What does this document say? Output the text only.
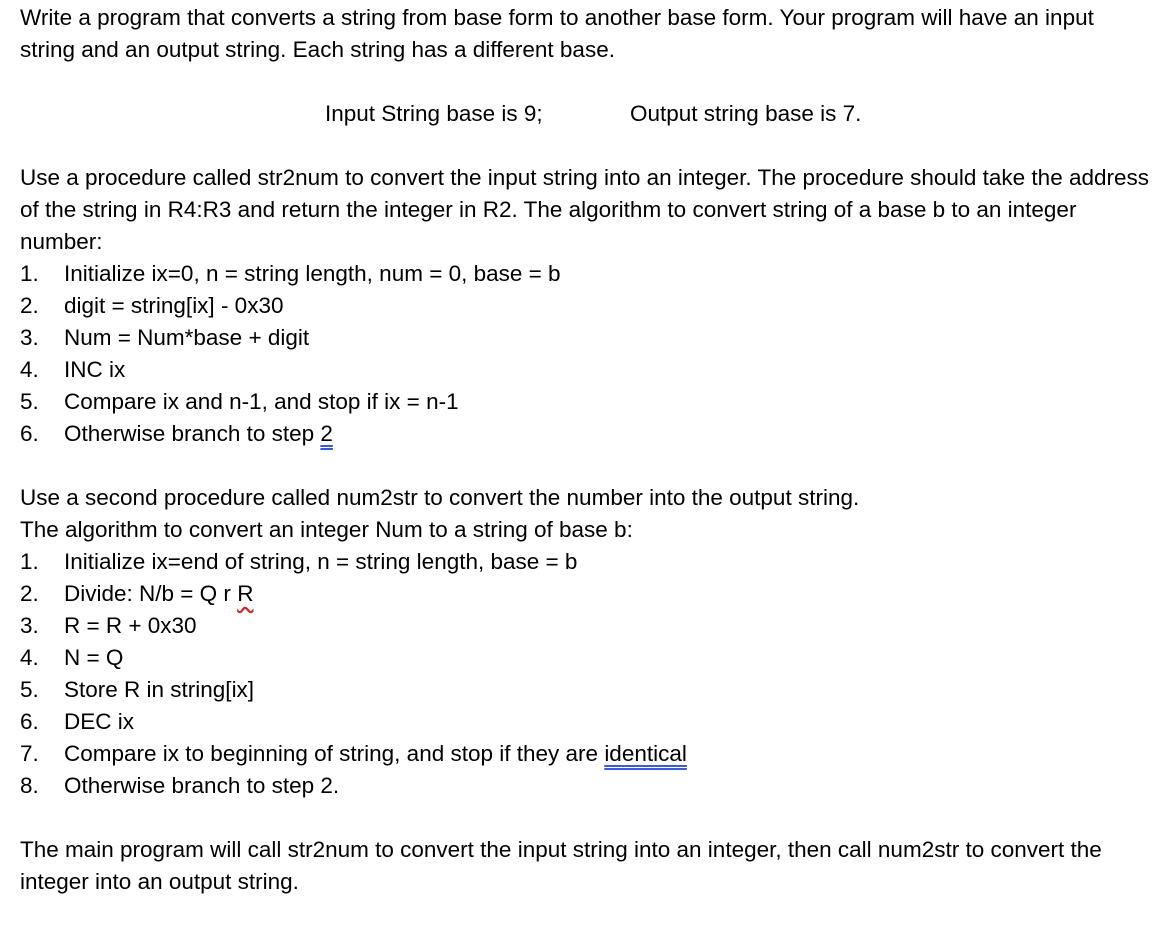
Write a program that converts a string from base form to another base form. Your program will have an input string and an output string. Each string has a different base.

Input String base is 9;	Output string base is 7.

Use a procedure called str2num to convert the input string into an integer. The procedure should take the address of the string in R4:R3 and return the integer in R2. The algorithm to convert string of a base b to an integer number:

1.	Initialize ix=0, n = string length, num = 0, base = b
2.	digit = string[ix] - 0x30
3.	Num = Num*base + digit
4.	INC ix
5.	Compare ix and n-1, and stop if ix = n-1
6.	Otherwise branch to step 2

Use a second procedure called num2str to convert the number into the output string.

The algorithm to convert an integer Num to a string of base b:

1.	Initialize ix=end of string, n = string length, base = b
2.	Divide: N/b = Q r R
3.	R = R + 0x30
4.	N = Q
5.	Store R in string[ix]
6.	DEC ix
7.	Compare ix to beginning of string, and stop if they are identical
8.	Otherwise branch to step 2.

The main program will call str2num to convert the input string into an integer, then call num2str to convert the integer into an output string.
